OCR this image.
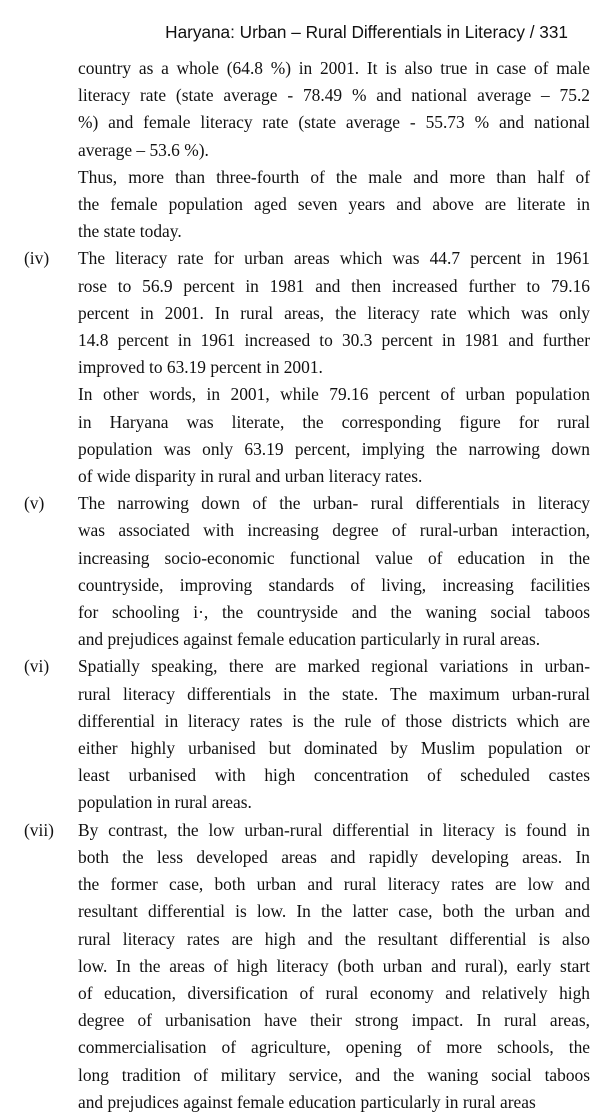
Haryana: Urban – Rural Differentials in Literacy / 331
country as a whole (64.8 %) in 2001. It is also true in case of male
literacy rate (state average - 78.49 % and national average – 75.2
%) and female literacy rate (state average - 55.73 % and national
average – 53.6 %).
Thus, more than three-fourth of the male and more than half of
the female population aged seven years and above are literate in
the state today.
(iv)	The literacy rate for urban areas which was 44.7 percent in 1961
rose to 56.9 percent in 1981 and then increased further to 79.16
percent in 2001. In rural areas, the literacy rate which was only
14.8 percent in 1961 increased to 30.3 percent in 1981 and further
improved to 63.19 percent in 2001.
In other words, in 2001, while 79.16 percent of urban population
in Haryana was literate, the corresponding figure for rural
population was only 63.19 percent, implying the narrowing down
of wide disparity in rural and urban literacy rates.
(v)	The narrowing down of the urban- rural differentials in literacy
was associated with increasing degree of rural-urban interaction,
increasing socio-economic functional value of education in the
countryside, improving standards of living, increasing facilities
for schooling i·, the countryside and the waning social taboos
and prejudices against female education particularly in rural areas.
(vi)	Spatially speaking, there are marked regional variations in urban-
rural literacy differentials in the state. The maximum urban-rural
differential in literacy rates is the rule of those districts which are
either highly urbanised but dominated by Muslim population or
least urbanised with high concentration of scheduled castes
population in rural areas.
(vii)	By contrast, the low urban-rural differential in literacy is found in
both the less developed areas and rapidly developing areas. In
the former case, both urban and rural literacy rates are low and
resultant differential is low. In the latter case, both the urban and
rural literacy rates are high and the resultant differential is also
low. In the areas of high literacy (both urban and rural), early start
of education, diversification of rural economy and relatively high
degree of urbanisation have their strong impact. In rural areas,
commercialisation of agriculture, opening of more schools, the
long tradition of military service, and the waning social taboos
and prejudices against female education particularly in rural areas
